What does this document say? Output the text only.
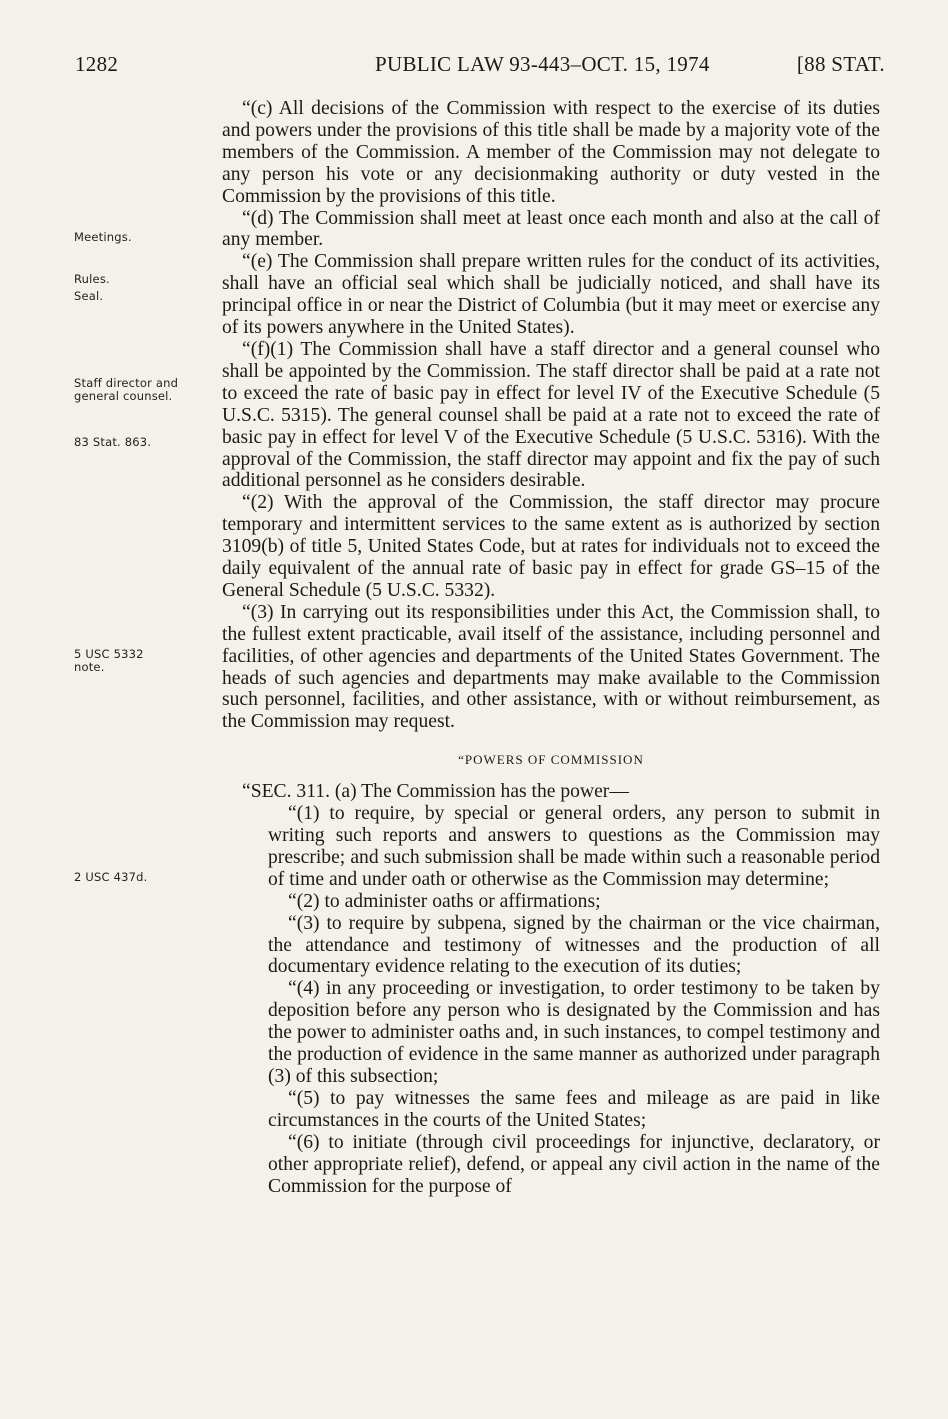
1282	PUBLIC LAW 93-443–OCT. 15, 1974	[88 STAT.
Meetings.
Rules.
Seal.
Staff director and general counsel.
83 Stat. 863.
5 USC 5332 note.
2 USC 437d.

“(c) All decisions of the Commission with respect to the exercise of its duties and powers under the provisions of this title shall be made by a majority vote of the members of the Commission. A member of the Commission may not delegate to any person his vote or any decisionmaking authority or duty vested in the Commission by the provisions of this title.

“(d) The Commission shall meet at least once each month and also at the call of any member.

“(e) The Commission shall prepare written rules for the conduct of its activities, shall have an official seal which shall be judicially noticed, and shall have its principal office in or near the District of Columbia (but it may meet or exercise any of its powers anywhere in the United States).

“(f)(1) The Commission shall have a staff director and a general counsel who shall be appointed by the Commission. The staff director shall be paid at a rate not to exceed the rate of basic pay in effect for level IV of the Executive Schedule (5 U.S.C. 5315). The general counsel shall be paid at a rate not to exceed the rate of basic pay in effect for level V of the Executive Schedule (5 U.S.C. 5316). With the approval of the Commission, the staff director may appoint and fix the pay of such additional personnel as he considers desirable.

“(2) With the approval of the Commission, the staff director may procure temporary and intermittent services to the same extent as is authorized by section 3109(b) of title 5, United States Code, but at rates for individuals not to exceed the daily equivalent of the annual rate of basic pay in effect for grade GS–15 of the General Schedule (5 U.S.C. 5332).

“(3) In carrying out its responsibilities under this Act, the Commission shall, to the fullest extent practicable, avail itself of the assistance, including personnel and facilities, of other agencies and departments of the United States Government. The heads of such agencies and departments may make available to the Commission such personnel, facilities, and other assistance, with or without reimbursement, as the Commission may request.

“POWERS OF COMMISSION

“SEC. 311. (a) The Commission has the power—

“(1) to require, by special or general orders, any person to submit in writing such reports and answers to questions as the Commission may prescribe; and such submission shall be made within such a reasonable period of time and under oath or otherwise as the Commission may determine;

“(2) to administer oaths or affirmations;

“(3) to require by subpena, signed by the chairman or the vice chairman, the attendance and testimony of witnesses and the production of all documentary evidence relating to the execution of its duties;

“(4) in any proceeding or investigation, to order testimony to be taken by deposition before any person who is designated by the Commission and has the power to administer oaths and, in such instances, to compel testimony and the production of evidence in the same manner as authorized under paragraph (3) of this subsection;

“(5) to pay witnesses the same fees and mileage as are paid in like circumstances in the courts of the United States;

“(6) to initiate (through civil proceedings for injunctive, declaratory, or other appropriate relief), defend, or appeal any civil action in the name of the Commission for the purpose of
